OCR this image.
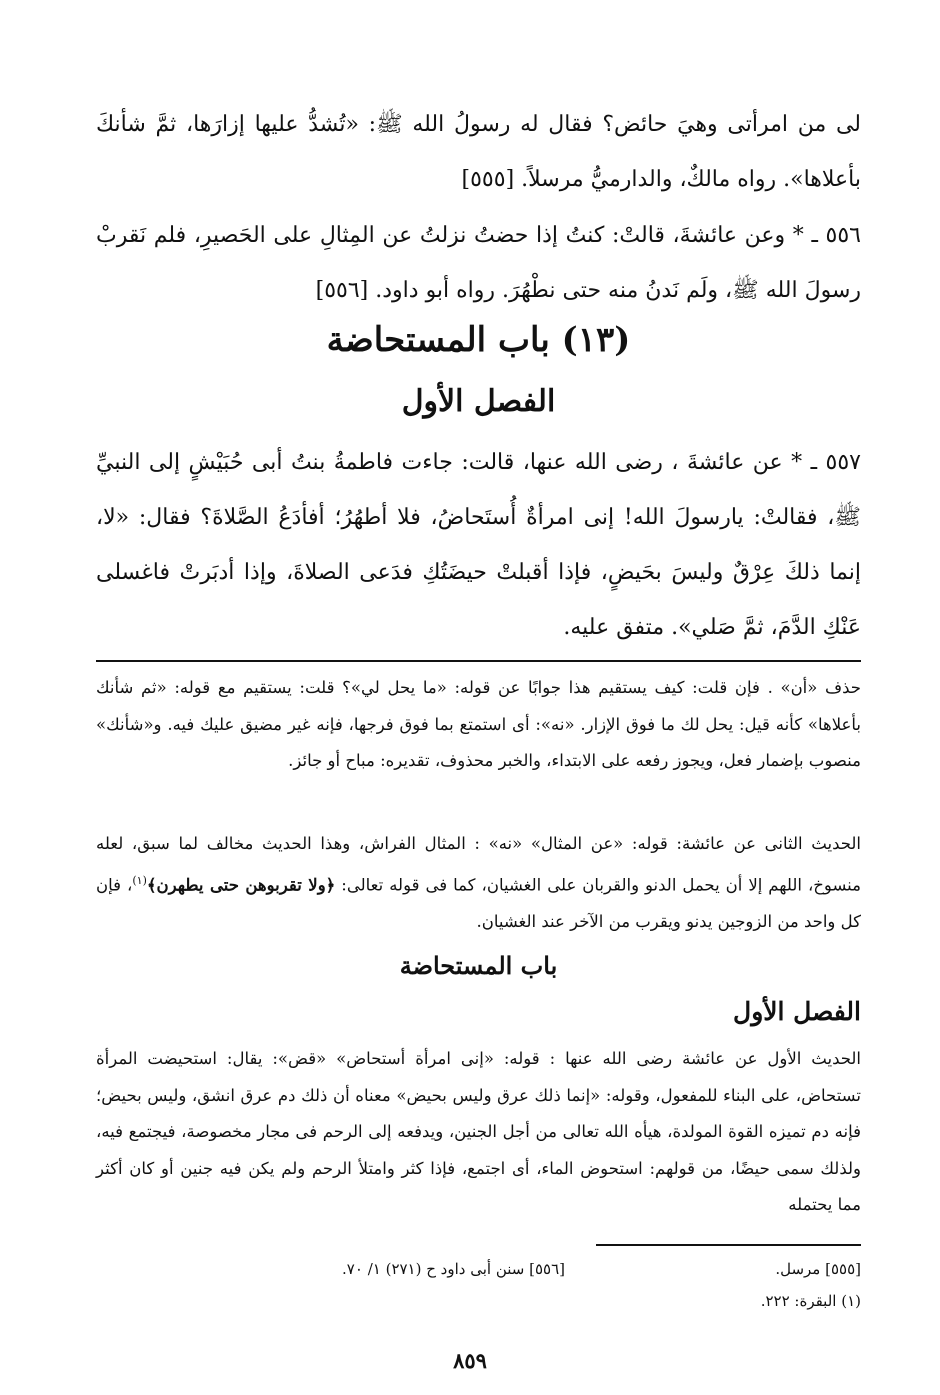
لى من امرأتى وهيَ حائض؟ فقال له رسولُ الله ﷺ: «تُشدُّ عليها إزارَها، ثمَّ شأنكَ بأعلاها». رواه مالكٌ، والدارميُّ مرسلاً. [٥٥٥]

٥٥٦ ـ * وعن عائشةَ، قالتْ: كنتُ إذا حضتُ نزلتُ عن المِثالِ على الحَصيرِ، فلم نَقربْ رسولَ الله ﷺ، ولَم نَدنُ منه حتى نطْهُرَ. رواه أبو داود. [٥٥٦]

(١٣) باب المستحاضة

الفصل الأول

٥٥٧ ـ * عن عائشةَ ، رضى الله عنها، قالت: جاءت فاطمةُ بنتُ أبى حُبَيْشٍ إلى النبيِّ ﷺ، فقالتْ: يارسولَ الله! إنى امرأةٌ أُستَحاضُ، فلا أطهُرُ؛ أفأدَعُ الصَّلاةَ؟ فقال: «لا، إنما ذلكَ عِرْقٌ وليسَ بحَيضٍ، فإذا أقبلتْ حيضَتُكِ فدَعى الصلاةَ، وإذا أدبَرتْ فاغسلى عَنْكِ الدَّمَ، ثمَّ صَلي». متفق عليه.

حذف «أن» . فإن قلت: كيف يستقيم هذا جوابًا عن قوله: «ما يحل لي»؟ قلت: يستقيم مع قوله: «ثم شأنك بأعلاها» كأنه قيل: يحل لك ما فوق الإزار. «نه»: أى استمتع بما فوق فرجها، فإنه غير مضيق عليك فيه. و«شأنك» منصوب بإضمار فعل، ويجوز رفعه على الابتداء، والخبر محذوف، تقديره: مباح أو جائز.

الحديث الثانى عن عائشة: قوله: «عن المثال» «نه» : المثال الفراش، وهذا الحديث مخالف لما سبق، لعله منسوخ، اللهم إلا أن يحمل الدنو والقربان على الغشيان، كما فى قوله تعالى: ﴿ولا تقربوهن حتى يطهرن﴾$^{(١)}$، فإن كل واحد من الزوجين يدنو ويقرب من الآخر عند الغشيان.

باب المستحاضة

الفصل الأول

الحديث الأول عن عائشة رضى الله عنها : قوله: «إنى امرأة أستحاض» «قض»: يقال: استحيضت المرأة تستحاض، على البناء للمفعول، وقوله: «إنما ذلك عرق وليس بحيض» معناه أن ذلك دم عرق انشق، وليس بحيض؛ فإنه دم تميزه القوة المولدة، هيأه الله تعالى من أجل الجنين، ويدفعه إلى الرحم فى مجار مخصوصة، فيجتمع فيه، ولذلك سمى حيضًا، من قولهم: استحوض الماء، أى اجتمع، فإذا كثر وامتلأ الرحم ولم يكن فيه جنين أو كان أكثر مما يحتمله

[٥٥٥] مرسل.

[٥٥٦] سنن أبى داود ح (٢٧١) ١/ ٧٠.

(١) البقرة: ٢٢٢.

٨٥٩
